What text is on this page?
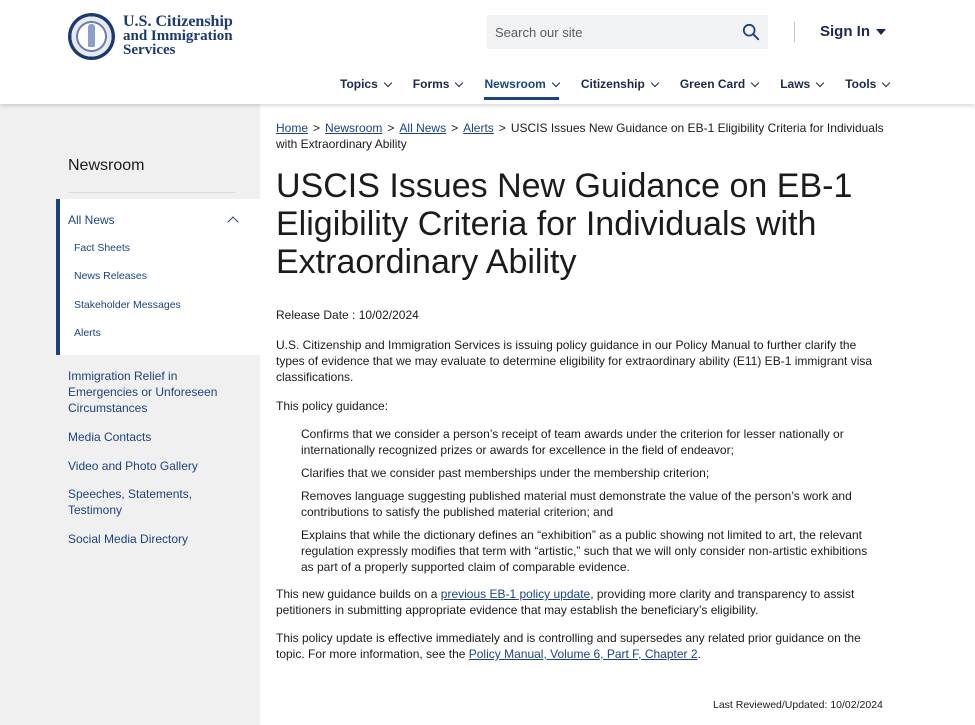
U.S. Citizenship
and Immigration
Services
Search our site
Sign In
Topics	Forms	Newsroom	Citizenship	Green Card	Laws	Tools
Newsroom
All News
Fact Sheets
News Releases
Stakeholder Messages
Alerts
Immigration Relief in Emergencies or Unforeseen Circumstances
Media Contacts
Video and Photo Gallery
Speeches, Statements, Testimony
Social Media Directory
Home > Newsroom > All News > Alerts > USCIS Issues New Guidance on EB-1 Eligibility Criteria for Individuals with Extraordinary Ability
USCIS Issues New Guidance on EB-1 Eligibility Criteria for Individuals with Extraordinary Ability
Release Date : 10/02/2024

U.S. Citizenship and Immigration Services is issuing policy guidance in our Policy Manual to further clarify the types of evidence that we may evaluate to determine eligibility for extraordinary ability (E11) EB-1 immigrant visa classifications.

This policy guidance:

Confirms that we consider a person’s receipt of team awards under the criterion for lesser nationally or internationally recognized prizes or awards for excellence in the field of endeavor;
Clarifies that we consider past memberships under the membership criterion;
Removes language suggesting published material must demonstrate the value of the person’s work and contributions to satisfy the published material criterion; and
Explains that while the dictionary defines an “exhibition” as a public showing not limited to art, the relevant regulation expressly modifies that term with “artistic,” such that we will only consider non-artistic exhibitions as part of a properly supported claim of comparable evidence.

This new guidance builds on a previous EB-1 policy update, providing more clarity and transparency to assist petitioners in submitting appropriate evidence that may establish the beneficiary’s eligibility.

This policy update is effective immediately and is controlling and supersedes any related prior guidance on the topic. For more information, see the Policy Manual, Volume 6, Part F, Chapter 2.

Last Reviewed/Updated: 10/02/2024
